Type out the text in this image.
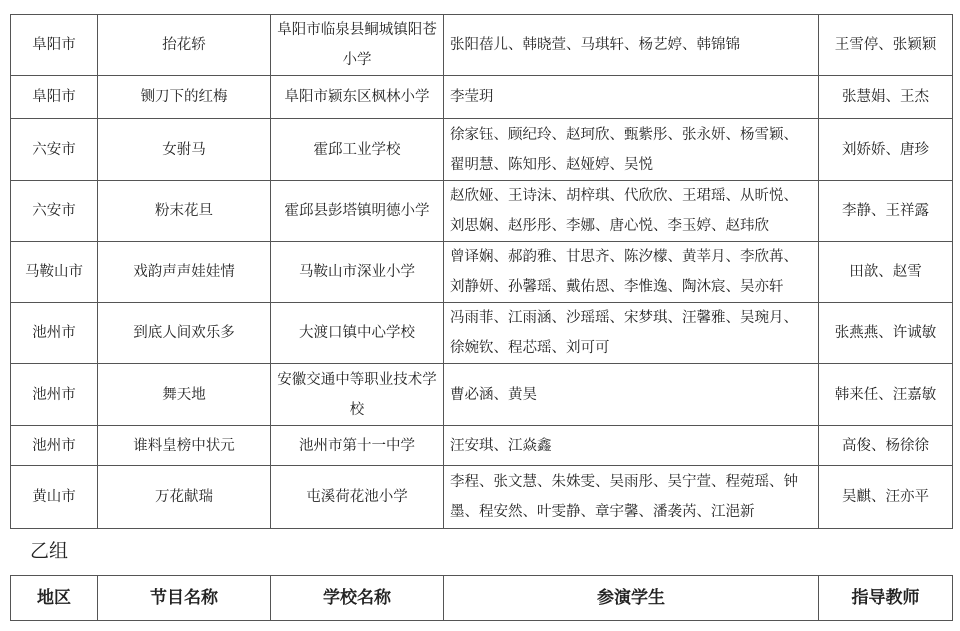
阜阳市	抬花轿	阜阳市临泉县鲖城镇阳苍小学	张阳蓓儿、韩晓萱、马琪轩、杨艺婷、韩锦锦	王雪停、张颖颖
阜阳市	铡刀下的红梅	阜阳市颍东区枫林小学	李莹玥	张慧娟、王杰
六安市	女驸马	霍邱工业学校	徐家钰、顾纪玲、赵珂欣、甄紫彤、张永妍、杨雪颖、翟明慧、陈知彤、赵娅婷、吴悦	刘娇娇、唐珍
六安市	粉末花旦	霍邱县彭塔镇明德小学	赵欣娅、王诗沫、胡梓琪、代欣欣、王珺瑶、从昕悦、刘思娴、赵彤彤、李娜、唐心悦、李玉婷、赵玮欣	李静、王祥露
马鞍山市	戏韵声声娃娃情	马鞍山市深业小学	曾译娴、郝韵雅、甘思齐、陈汐檬、黄莘月、李欣苒、刘静妍、孙馨瑶、戴佑恩、李惟逸、陶沐宸、吴亦轩	田歆、赵雪
池州市	到底人间欢乐多	大渡口镇中心学校	冯雨菲、江雨涵、沙瑶瑶、宋梦琪、汪馨雅、吴琬月、徐婉钦、程芯瑶、刘可可	张燕燕、许诚敏
池州市	舞天地	安徽交通中等职业技术学校	曹必涵、黄昊	韩来任、汪嘉敏
池州市	谁料皇榜中状元	池州市第十一中学	汪安琪、江焱鑫	高俊、杨徐徐
黄山市	万花献瑞	屯溪荷花池小学	李程、张文慧、朱姝雯、吴雨彤、吴宁萱、程菀瑶、钟墨、程安然、叶雯静、章宇馨、潘袭芮、江浥新	吴麒、汪亦平
乙组
地区	节目名称	学校名称	参演学生	指导教师
